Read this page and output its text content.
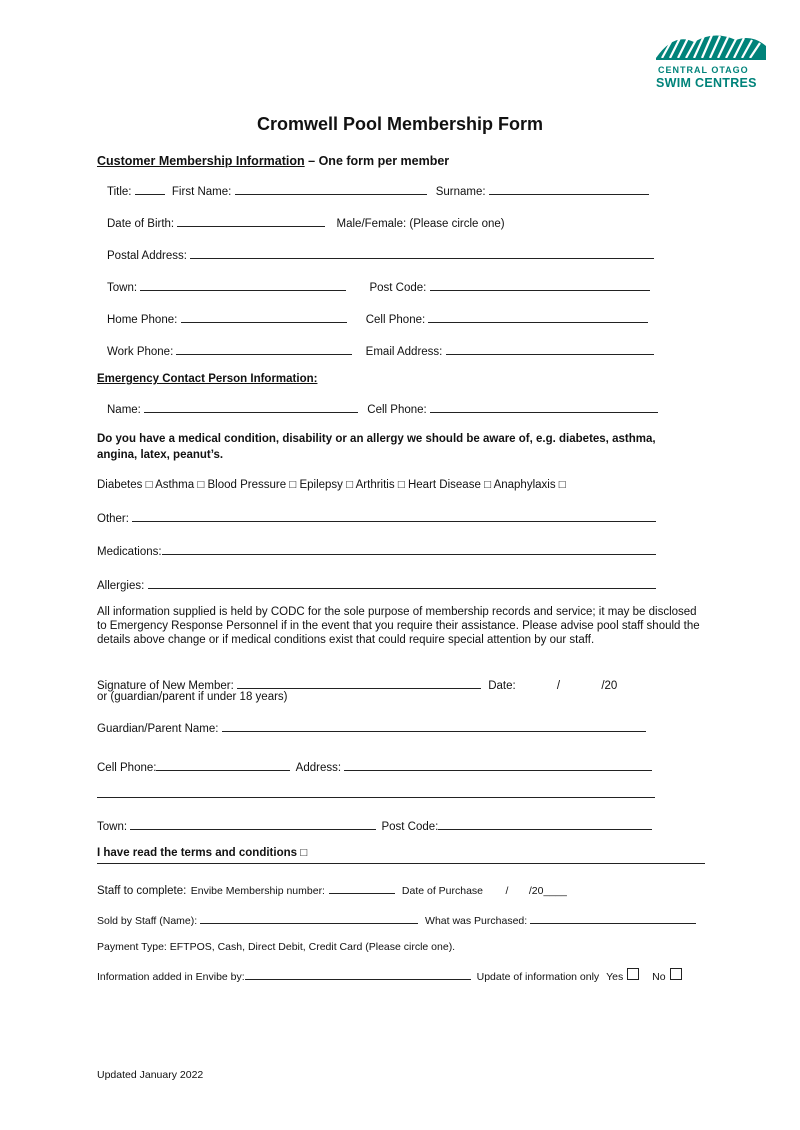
CENTRAL OTAGO
SWIM CENTRES
Cromwell Pool Membership Form
Customer Membership Information – One form per member
Title:	First Name:	Surname:
Date of Birth:	Male/Female: (Please circle one)
Postal Address:
Town:	Post Code:
Home Phone:	Cell Phone:
Work Phone:	Email Address:
Emergency Contact Person Information:
Name:	Cell Phone:
Do you have a medical condition, disability or an allergy we should be aware of, e.g. diabetes, asthma, angina, latex, peanut’s.
Diabetes □ Asthma □ Blood Pressure □ Epilepsy □ Arthritis □ Heart Disease □ Anaphylaxis □
Other:
Medications:
Allergies:
All information supplied is held by CODC for the sole purpose of membership records and service; it may be disclosed to Emergency Response Personnel if in the event that you require their assistance. Please advise pool staff should the details above change or if medical conditions exist that could require special attention by our staff.
Signature of New Member:	Date:	/	/20
or (guardian/parent if under 18 years)
Guardian/Parent Name:
Cell Phone:	Address:
Town:	Post Code:
I have read the terms and conditions □
Staff to complete: Envibe Membership number:	Date of Purchase / /20____
Sold by Staff (Name):	What was Purchased:
Payment Type: EFTPOS, Cash, Direct Debit, Credit Card (Please circle one).
Information added in Envibe by:	Update of information only Yes	No
Updated January 2022
